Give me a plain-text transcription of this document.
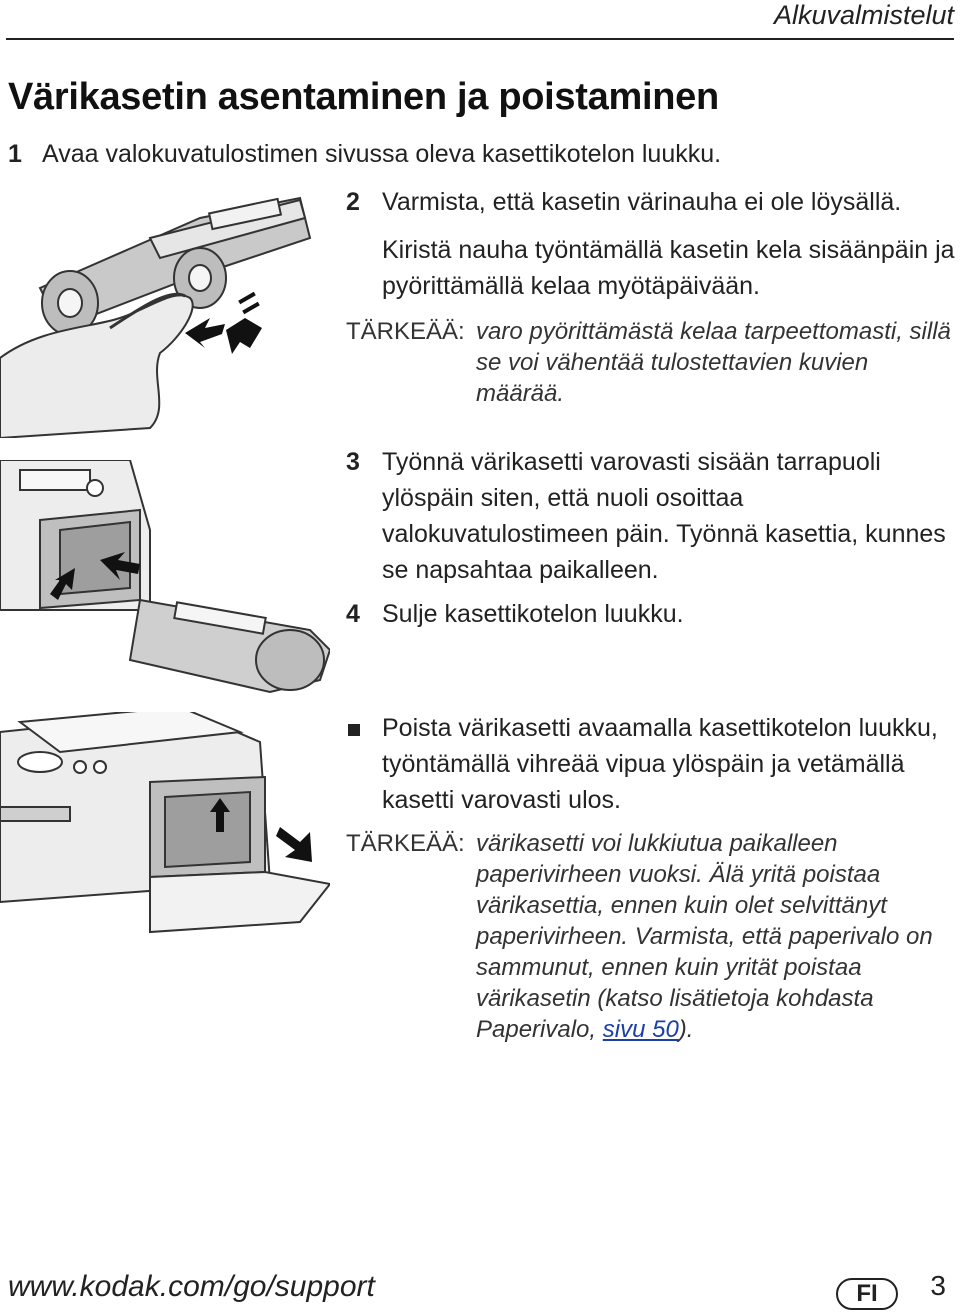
Alkuvalmistelut
Värikasetin asentaminen ja poistaminen
1 Avaa valokuvatulostimen sivussa oleva kasettikotelon luukku.
2 Varmista, että kasetin värinauha ei ole löysällä.
Kiristä nauha työntämällä kasetin kela sisäänpäin ja pyörittämällä kelaa myötäpäivään.
TÄRKEÄÄ: varo pyörittämästä kelaa tarpeettomasti, sillä se voi vähentää tulostettavien kuvien määrää.
3 Työnnä värikasetti varovasti sisään tarrapuoli ylöspäin siten, että nuoli osoittaa valokuvatulostimeen päin. Työnnä kasettia, kunnes se napsahtaa paikalleen.
4 Sulje kasettikotelon luukku.
Poista värikasetti avaamalla kasettikotelon luukku, työntämällä vihreää vipua ylöspäin ja vetämällä kasetti varovasti ulos.
TÄRKEÄÄ: värikasetti voi lukkiutua paikalleen paperivirheen vuoksi. Älä yritä poistaa värikasettia, ennen kuin olet selvittänyt paperivirheen. Varmista, että paperivalo on sammunut, ennen kuin yrität poistaa värikasetin (katso lisätietoja kohdasta Paperivalo, sivu 50).
www.kodak.com/go/support	FI	3
